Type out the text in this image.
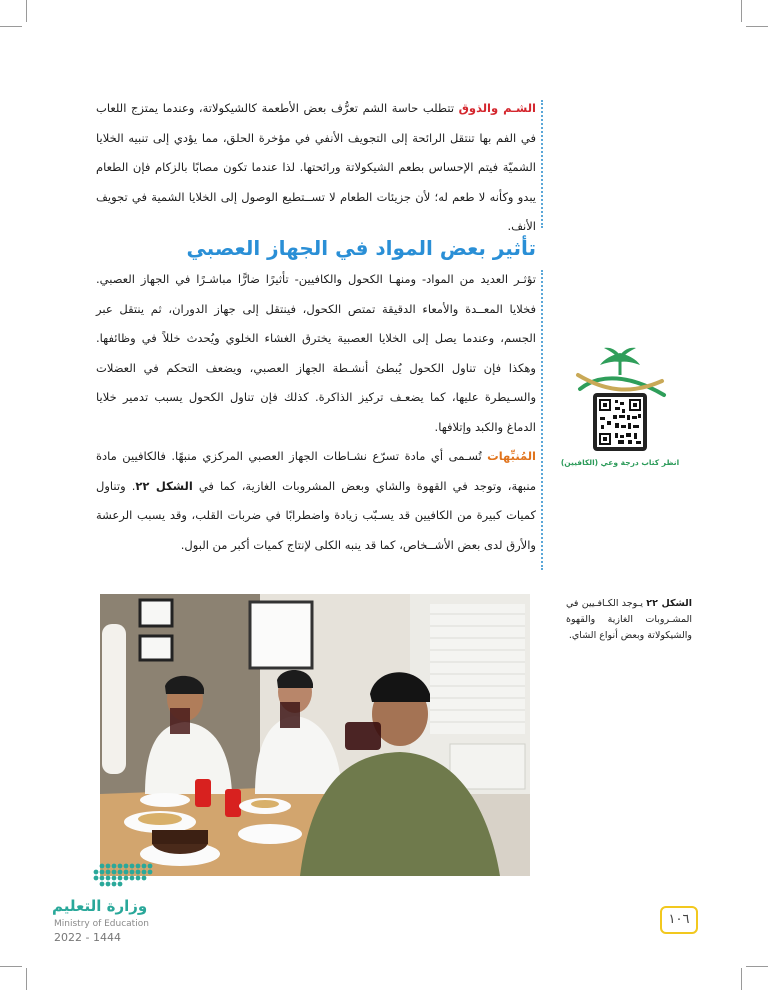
الشـم والذوق تتطلب حاسة الشم تعرُّف بعض الأطعمة كالشيكولاتة، وعندما يمتزج اللعاب في الفم بها تنتقل الرائحة إلى التجويف الأنفي في مؤخرة الحلق، مما يؤدي إلى تنبيه الخلايا الشميّة فيتم الإحساس بطعم الشيكولاتة ورائحتها. لذا عندما تكون مصابًا بالزكام فإن الطعام يبدو وكأنه لا طعم له؛ لأن جزيئات الطعام لا تســتطيع الوصول إلى الخلايا الشمية في تجويف الأنف.

تأثير بعض المواد في الجهاز العصبي

تؤثـر العديد من المواد- ومنهـا الكحول والكافيين- تأثيرًا ضارًّا مباشـرًا في الجهاز العصبي. فخلايا المعــدة والأمعاء الدقيقة تمتص الكحول، فينتقل إلى جهاز الدوران، ثم ينتقل عبر الجسم، وعندما يصل إلى الخلايا العصبية يخترق الغشاء الخلوي ويُحدث خللاً في وظائفها. وهكذا فإن تناول الكحول يُبطئ أنشـطة الجهاز العصبي، ويضعف التحكم في العضلات والسـيطرة عليها، كما يضعـف تركيز الذاكرة. كذلك فإن تناول الكحول يسبب تدمير خلايا الدماغ والكبد وإتلافها.

المُنبِّهات تُسـمى أي مادة تسرّع نشـاطات الجهاز العصبي المركزي منبهًا. فالكافيين مادة منبهة، وتوجد في القهوة والشاي وبعض المشروبات الغازية، كما في الشكل ٢٢. وتناول كميات كبيرة من الكافيين قد يسـبّب زيادة واضطرابًا في ضربات القلب، وقد يسبب الرعشة والأرق لدى بعض الأشــخاص، كما قد ينبه الكلى لإنتاج كميات أكبر من البول.

انظر كتاب درجة وعي (الكافيين)
الشكل ٢٢ يـوجد الكـافـيين في المشـروبات الغازية والقهوة والشيكولاتة وبعض أنواع الشاي.
وزارة التعليم
Ministry of Education
2022 - 1444
١٠٦
